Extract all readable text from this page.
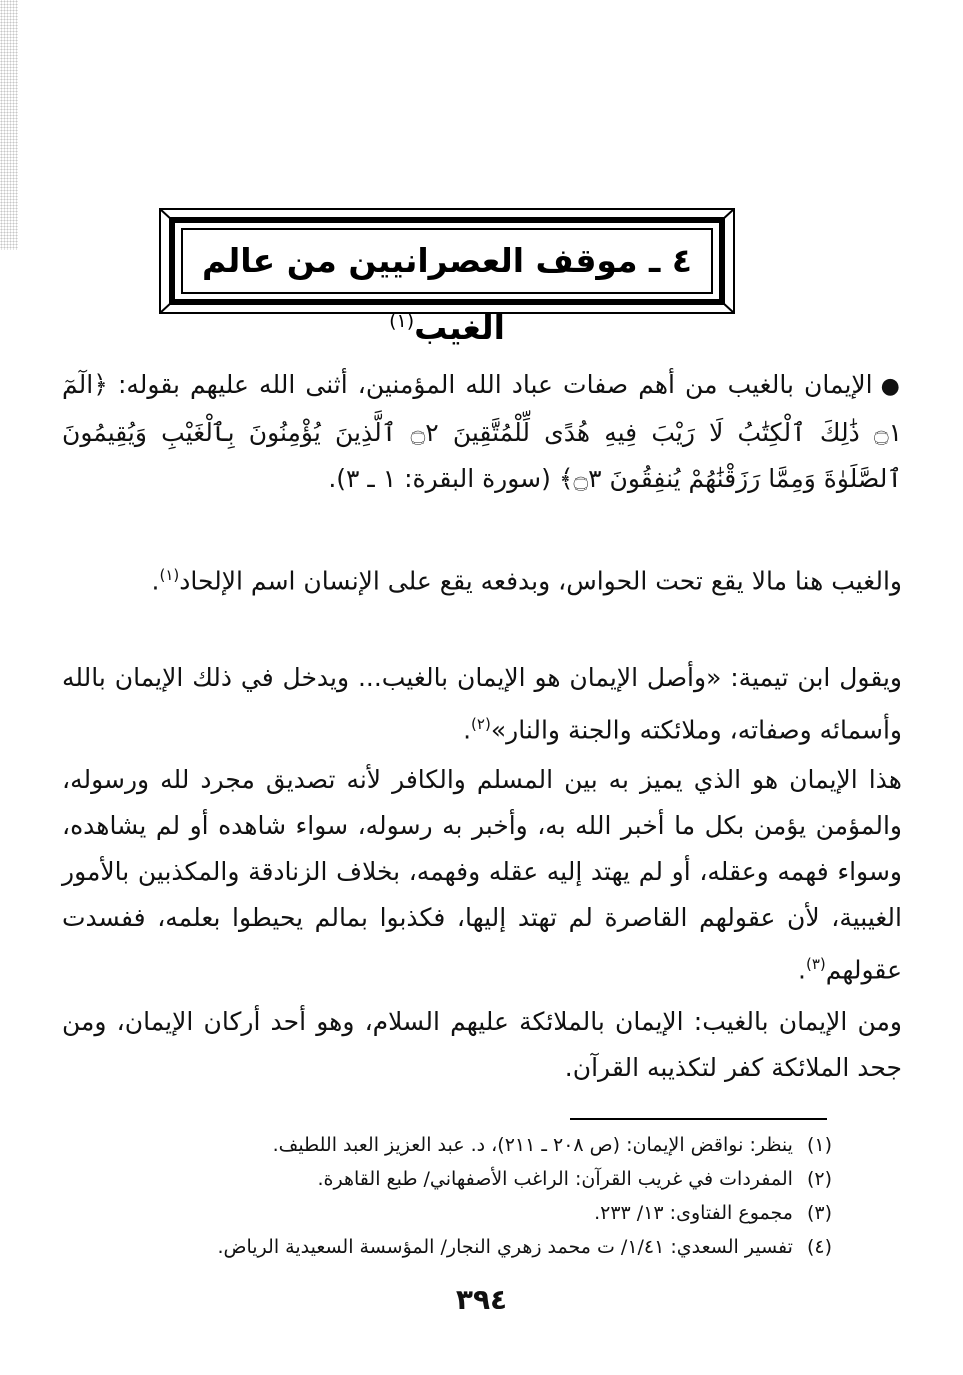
٤ ـ موقف العصرانيين من عالم الغيب$^{(١)}$
●الإيمان بالغيب من أهم صفات عباد الله المؤمنين، أثنى الله عليهم بقوله: ﴿الٓمٓ ۝١ ذَٰلِكَ ٱلْكِتَٰبُ لَا رَيْبَ فِيهِ هُدًى لِّلْمُتَّقِينَ ۝٢ ٱلَّذِينَ يُؤْمِنُونَ بِٱلْغَيْبِ وَيُقِيمُونَ ٱلصَّلَوٰةَ وَمِمَّا رَزَقْنَٰهُمْ يُنفِقُونَ ۝٣﴾ (سورة البقرة: ١ ـ ٣).
والغيب هنا مالا يقع تحت الحواس، وبدفعه يقع على الإنسان اسم الإلحاد$^{(١)}$.
ويقول ابن تيمية: «وأصل الإيمان هو الإيمان بالغيب... ويدخل في ذلك الإيمان بالله وأسمائه وصفاته، وملائكته والجنة والنار»$^{(٢)}$.
هذا الإيمان هو الذي يميز به بين المسلم والكافر لأنه تصديق مجرد لله ورسوله، والمؤمن يؤمن بكل ما أخبر الله به، وأخبر به رسوله، سواء شاهده أو لم يشاهده، وسواء فهمه وعقله، أو لم يهتد إليه عقله وفهمه، بخلاف الزنادقة والمكذبين بالأمور الغيبية، لأن عقولهم القاصرة لم تهتد إليها، فكذبوا بمالم يحيطوا بعلمه، ففسدت عقولهم$^{(٣)}$.
ومن الإيمان بالغيب: الإيمان بالملائكة عليهم السلام، وهو أحد أركان الإيمان، ومن جحد الملائكة كفر لتكذيبه القرآن.
(١)ينظر: نواقض الإيمان: (ص ٢٠٨ ـ ٢١١)، د. عبد العزيز العبد اللطيف.
(٢)المفردات في غريب القرآن: الراغب الأصفهاني/ طبع القاهرة.
(٣)مجموع الفتاوى: ١٣/ ٢٣٣.
(٤)تفسير السعدي: ١/٤١/ ت محمد زهري النجار/ المؤسسة السعيدية الرياض.
٣٩٤
